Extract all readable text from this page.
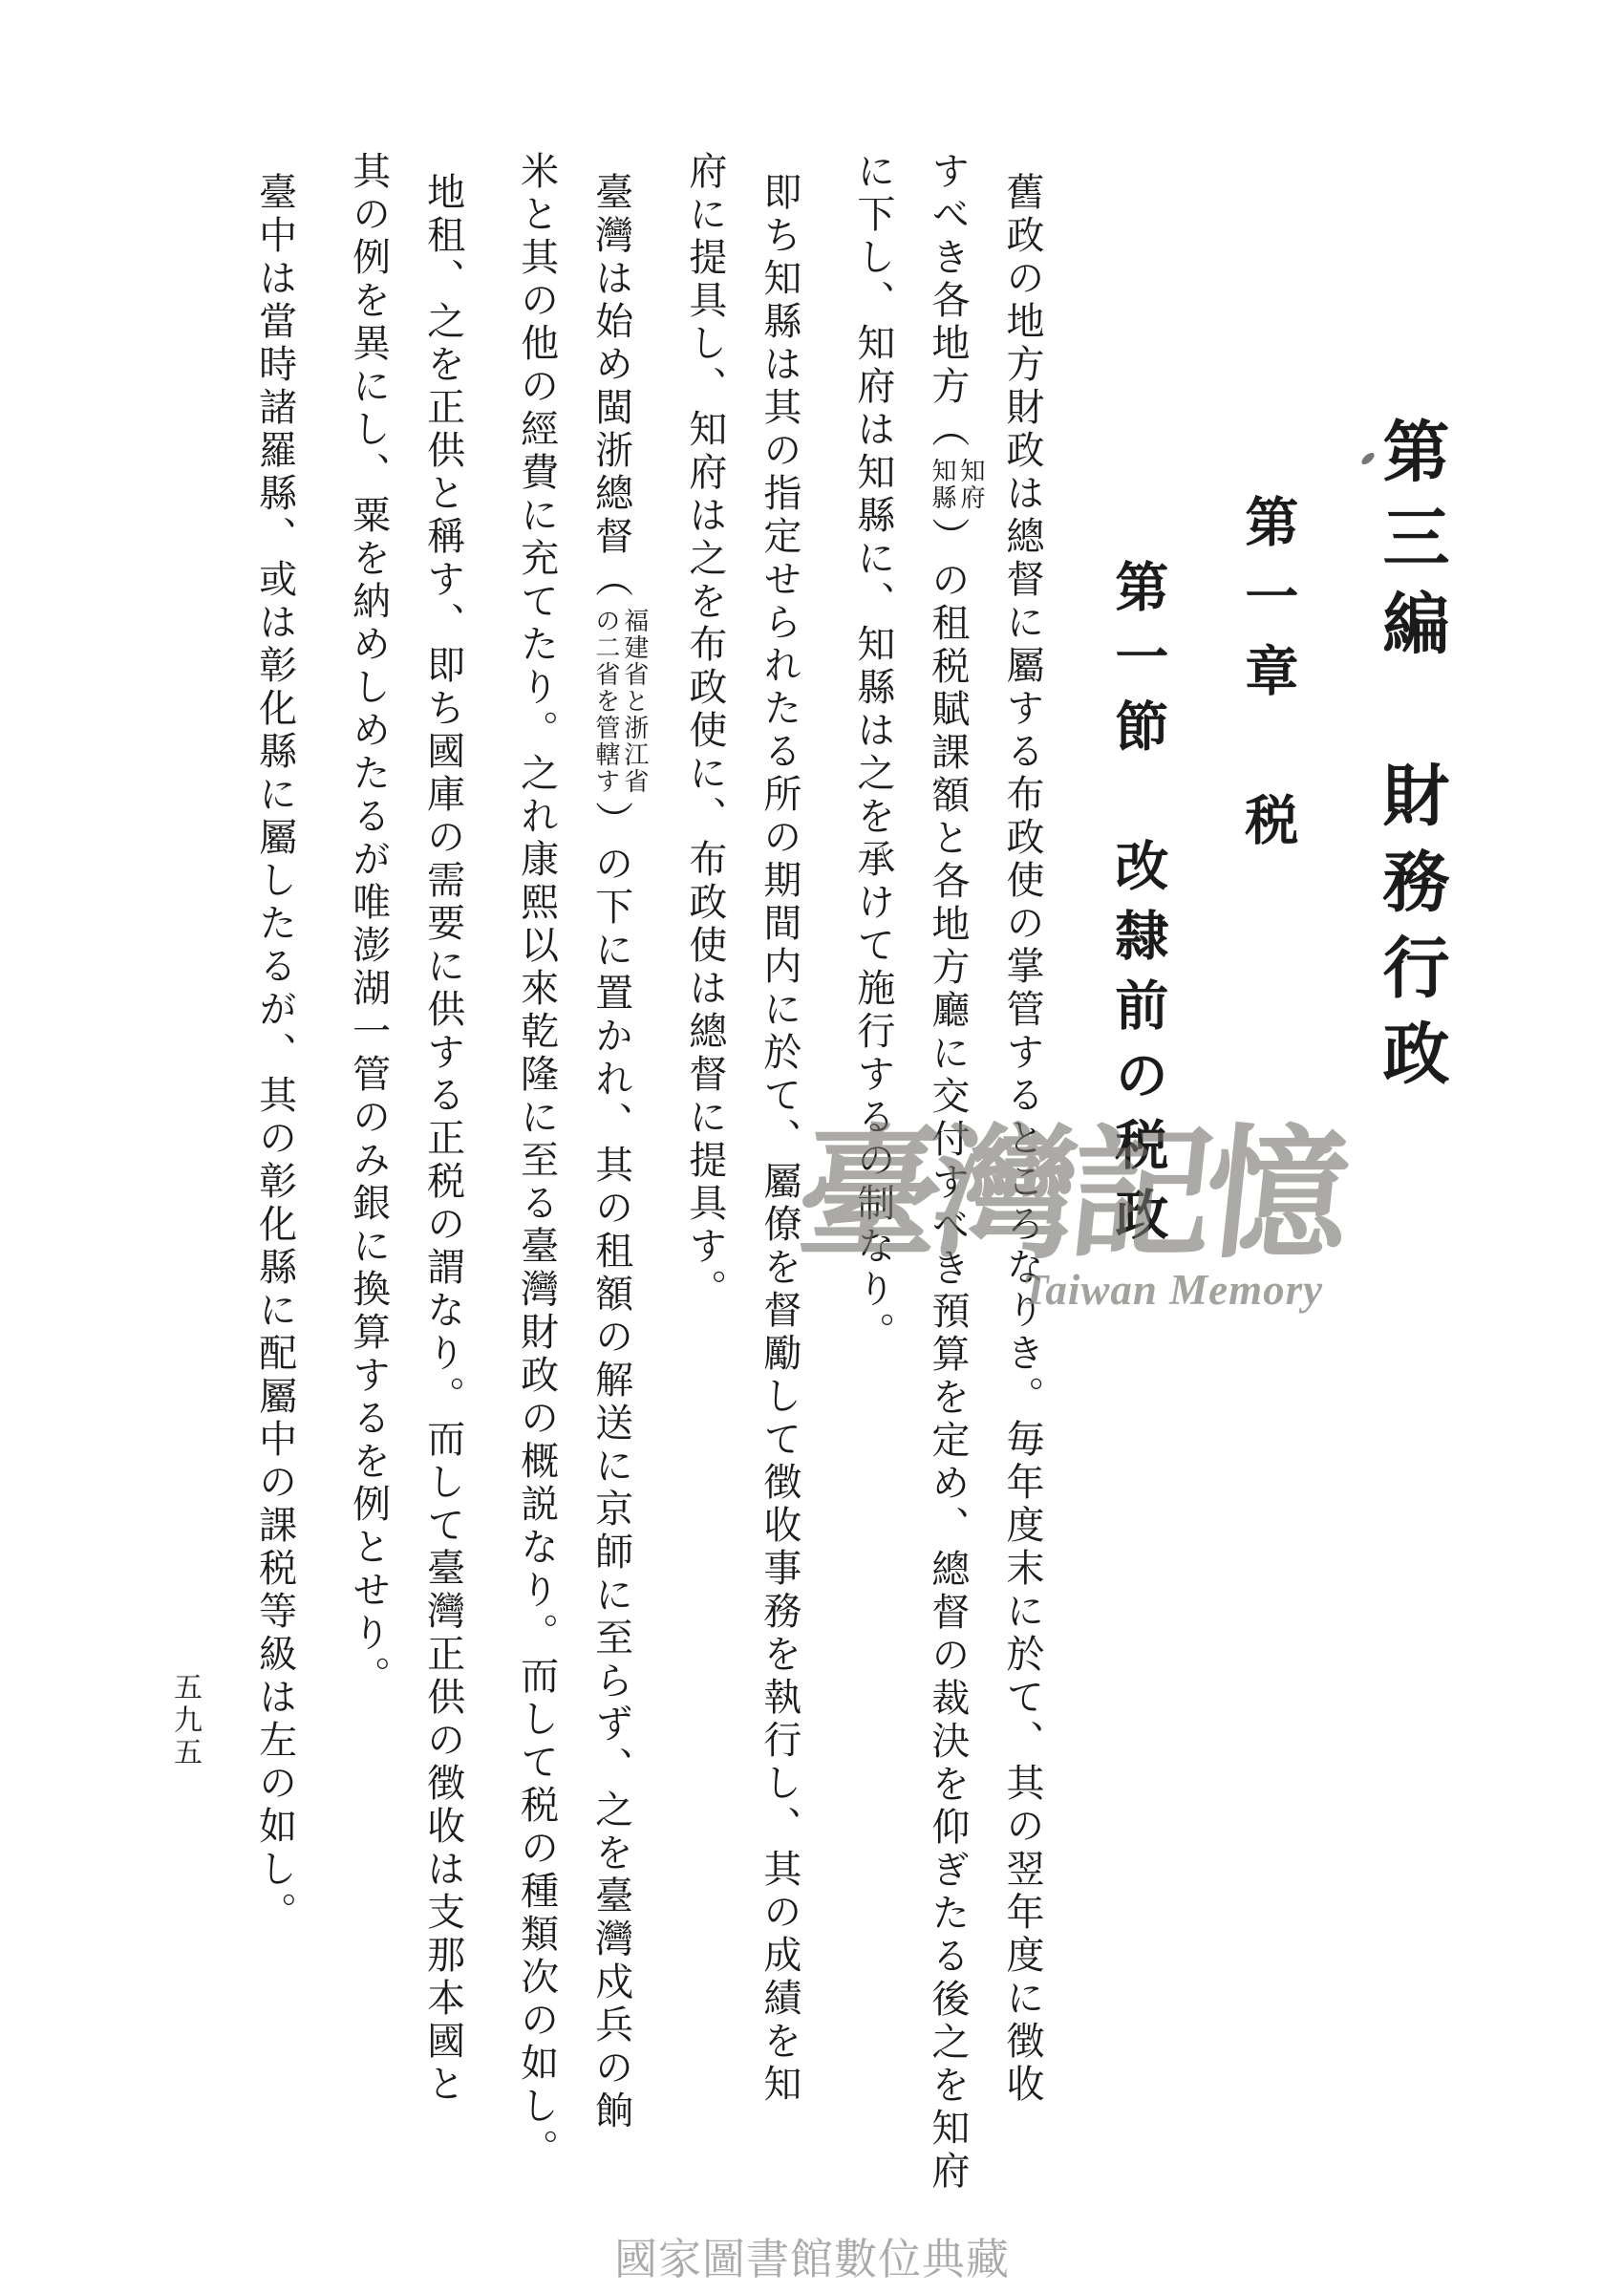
第三編　財務行政
第一章　税
第一節　改隸前の税政
舊政の地方財政は總督に屬する布政使の掌管するところなりき。毎年度末に於て、其の翌年度に徴收
すべき各地方（
知府
知縣
）の租税賦課額と各地方廳に交付すべき預算を定め、總督の裁決を仰ぎたる後之を知府
に下し、知府は知縣に、知縣は之を承けて施行するの制なり。
即ち知縣は其の指定せられたる所の期間内に於て、屬僚を督勵して徴收事務を執行し、其の成績を知
府に提具し、知府は之を布政使に、布政使は總督に提具す。
臺灣は始め閩浙總督（
福建省と浙江省
の二省を管轄す
）の下に置かれ、其の租額の解送に京師に至らず、之を臺灣戍兵の餉
米と其の他の經費に充てたり。之れ康熙以來乾隆に至る臺灣財政の概説なり。而して税の種類次の如し。
地租、之を正供と稱す、即ち國庫の需要に供する正税の謂なり。而して臺灣正供の徴收は支那本國と
其の例を異にし、粟を納めしめたるが唯澎湖一管のみ銀に換算するを例とせり。
臺中は當時諸羅縣、或は彰化縣に屬したるが、其の彰化縣に配屬中の課税等級は左の如し。	臺灣記憶
Taiwan Memory
五九五
國家圖書館數位典藏
